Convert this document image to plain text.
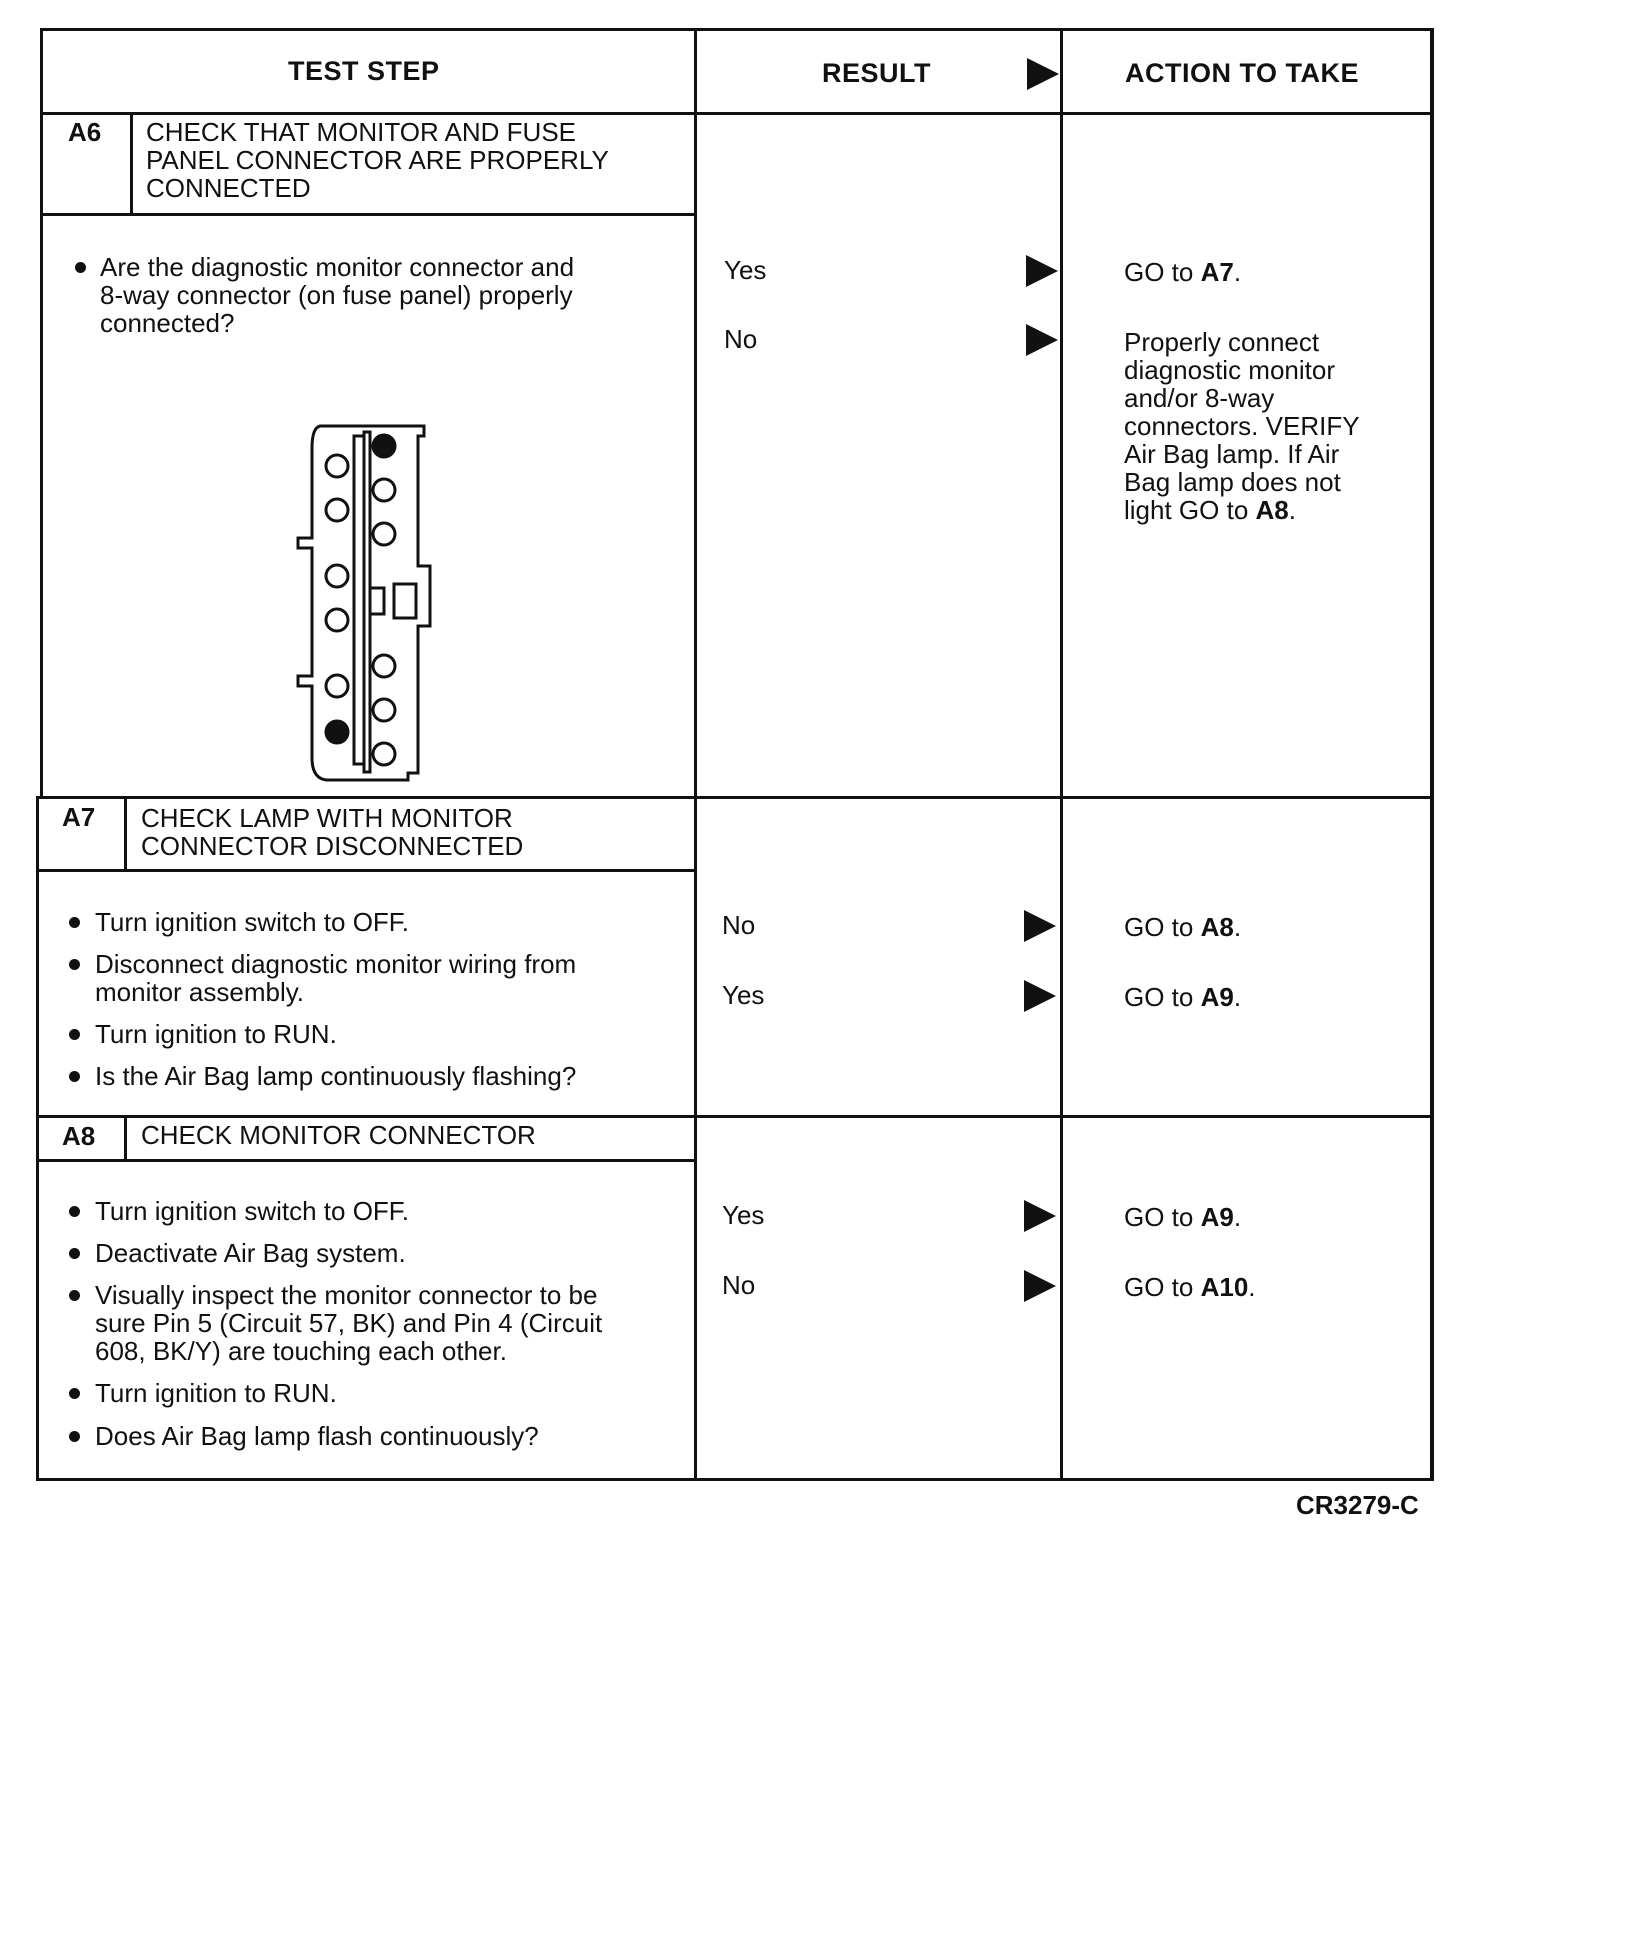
TEST STEP	RESULT	ACTION TO TAKE
A6 CHECK THAT MONITOR AND FUSE
PANEL CONNECTOR ARE PROPERLY
CONNECTED
Are the diagnostic monitor connector and
8-way connector (on fuse panel) properly
connected?
Yes	GO to A7.
No	Properly connect
diagnostic monitor
and/or 8-way
connectors. VERIFY
Air Bag lamp. If Air
Bag lamp does not
light GO to A8.
A7 CHECK LAMP WITH MONITOR
CONNECTOR DISCONNECTED
Turn ignition switch to OFF.
Disconnect diagnostic monitor wiring from
monitor assembly.
Turn ignition to RUN.
Is the Air Bag lamp continuously flashing?
No	GO to A8.
Yes	GO to A9.
A8 CHECK MONITOR CONNECTOR
Turn ignition switch to OFF.
Deactivate Air Bag system.
Visually inspect the monitor connector to be
sure Pin 5 (Circuit 57, BK) and Pin 4 (Circuit
608, BK/Y) are touching each other.
Turn ignition to RUN.
Does Air Bag lamp flash continuously?
Yes	GO to A9.
No	GO to A10.
CR3279-C
